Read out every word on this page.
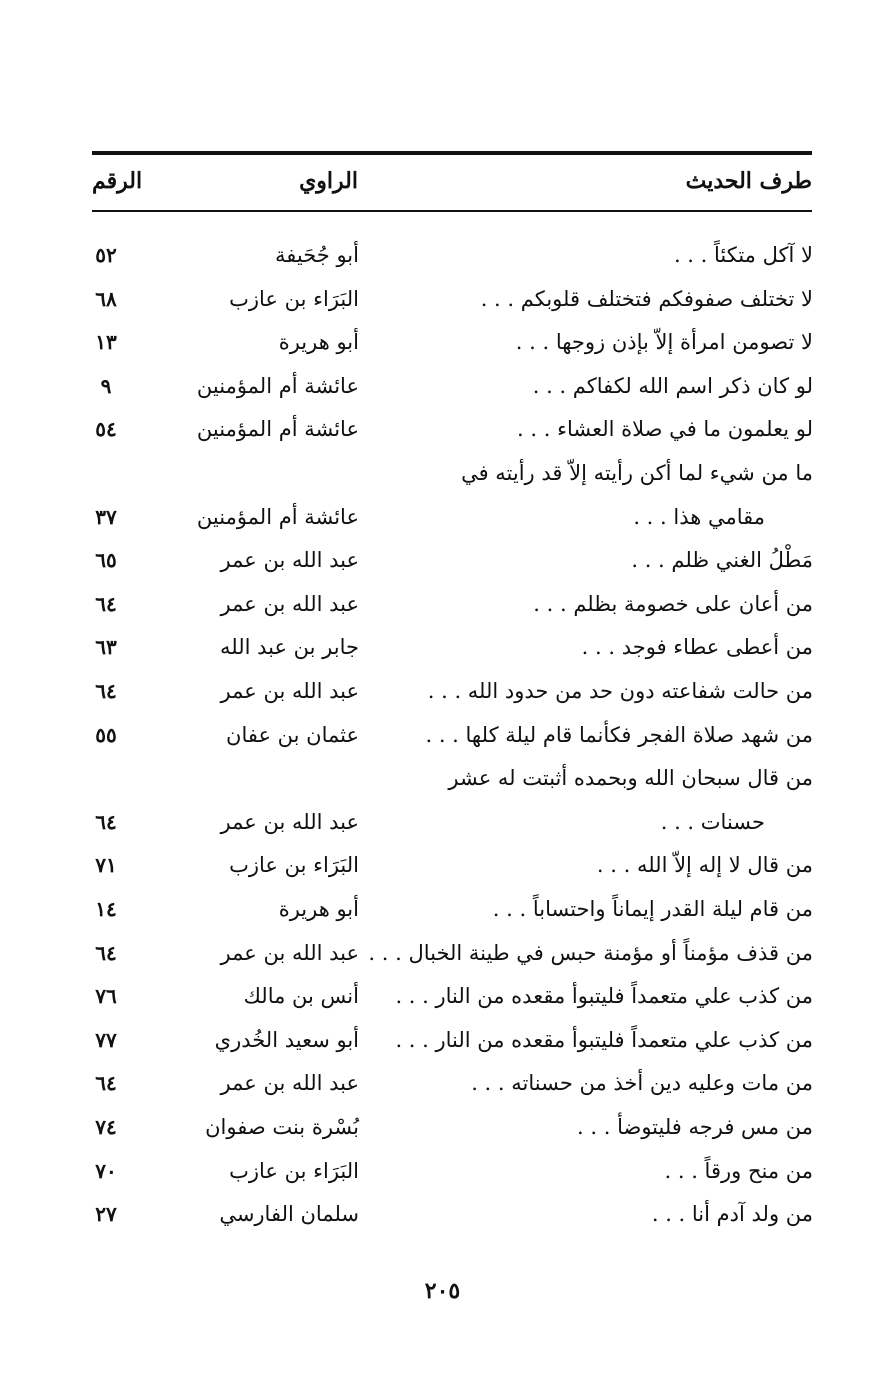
طرف الحديث
الراوي
الرقم
لا آكل متكئاً . . .
أبو جُحَيفة
٥٢
لا تختلف صفوفكم فتختلف قلوبكم . . .
البَرَاء بن عازب
٦٨
لا تصومن امرأة إلاّ بإذن زوجها . . .
أبو هريرة
١٣
لو كان ذكر اسم الله لكفاكم . . .
عائشة أم المؤمنين
٩
لو يعلمون ما في صلاة العشاء . . .
عائشة أم المؤمنين
٥٤
ما من شيء لما أكن رأيته إلاّ قد رأيته في
مقامي هذا . . .
عائشة أم المؤمنين
٣٧
مَطْلُ الغني ظلم . . .
عبد الله بن عمر
٦٥
من أعان على خصومة بظلم . . .
عبد الله بن عمر
٦٤
من أعطى عطاء فوجد . . .
جابر بن عبد الله
٦٣
من حالت شفاعته دون حد من حدود الله . . .
عبد الله بن عمر
٦٤
من شهد صلاة الفجر فكأنما قام ليلة كلها . . .
عثمان بن عفان
٥٥
من قال سبحان الله وبحمده أثبتت له عشر
حسنات . . .
عبد الله بن عمر
٦٤
من قال لا إله إلاّ الله . . .
البَرَاء بن عازب
٧١
من قام ليلة القدر إيماناً واحتساباً . . .
أبو هريرة
١٤
من قذف مؤمناً أو مؤمنة حبس في طينة الخبال . . .
عبد الله بن عمر
٦٤
من كذب علي متعمداً فليتبوأ مقعده من النار . . .
أنس بن مالك
٧٦
من كذب علي متعمداً فليتبوأ مقعده من النار . . .
أبو سعيد الخُدري
٧٧
من مات وعليه دين أخذ من حسناته . . .
عبد الله بن عمر
٦٤
من مس فرجه فليتوضأ . . .
بُسْرة بنت صفوان
٧٤
من منح ورقاً . . .
البَرَاء بن عازب
٧٠
من ولد آدم أنا . . .
سلمان الفارسي
٢٧
٢٠٥
